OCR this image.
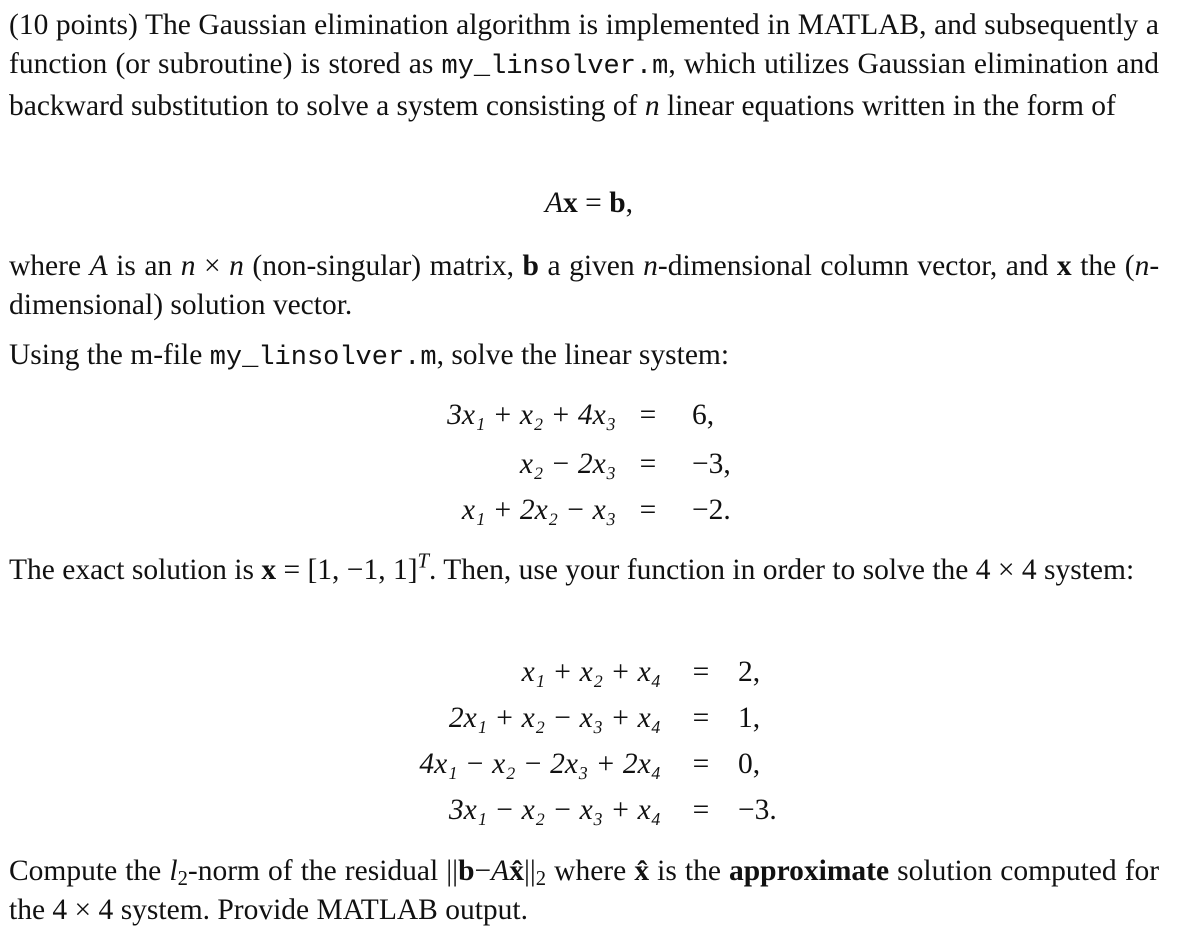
(10 points) The Gaussian elimination algorithm is implemented in MATLAB, and subsequently a function (or subroutine) is stored as my_linsolver.m, which utilizes Gaussian elimination and backward substitution to solve a system consisting of n linear equations written in the form of

Ax = b,

where A is an n × n (non-singular) matrix, b a given n-dimensional column vector, and x the (n-dimensional) solution vector.

Using the m-file my_linsolver.m, solve the linear system:

3x₁ + x₂ + 4x₃ = 6,
x₂ − 2x₃ = −3,
x₁ + 2x₂ − x₃ = −2.

The exact solution is x = [1, −1, 1]$^T$. Then, use your function in order to solve the 4 × 4 system:

x₁ + x₂ + x₄ = 2,
2x₁ + x₂ − x₃ + x₄ = 1,
4x₁ − x₂ − 2x₃ + 2x₄ = 0,
3x₁ − x₂ − x₃ + x₄ = −3.

Compute the $l_2$-norm of the residual $||b-Ax̂||_2$ where x̂ is the approximate solution computed for the 4 × 4 system. Provide MATLAB output.
